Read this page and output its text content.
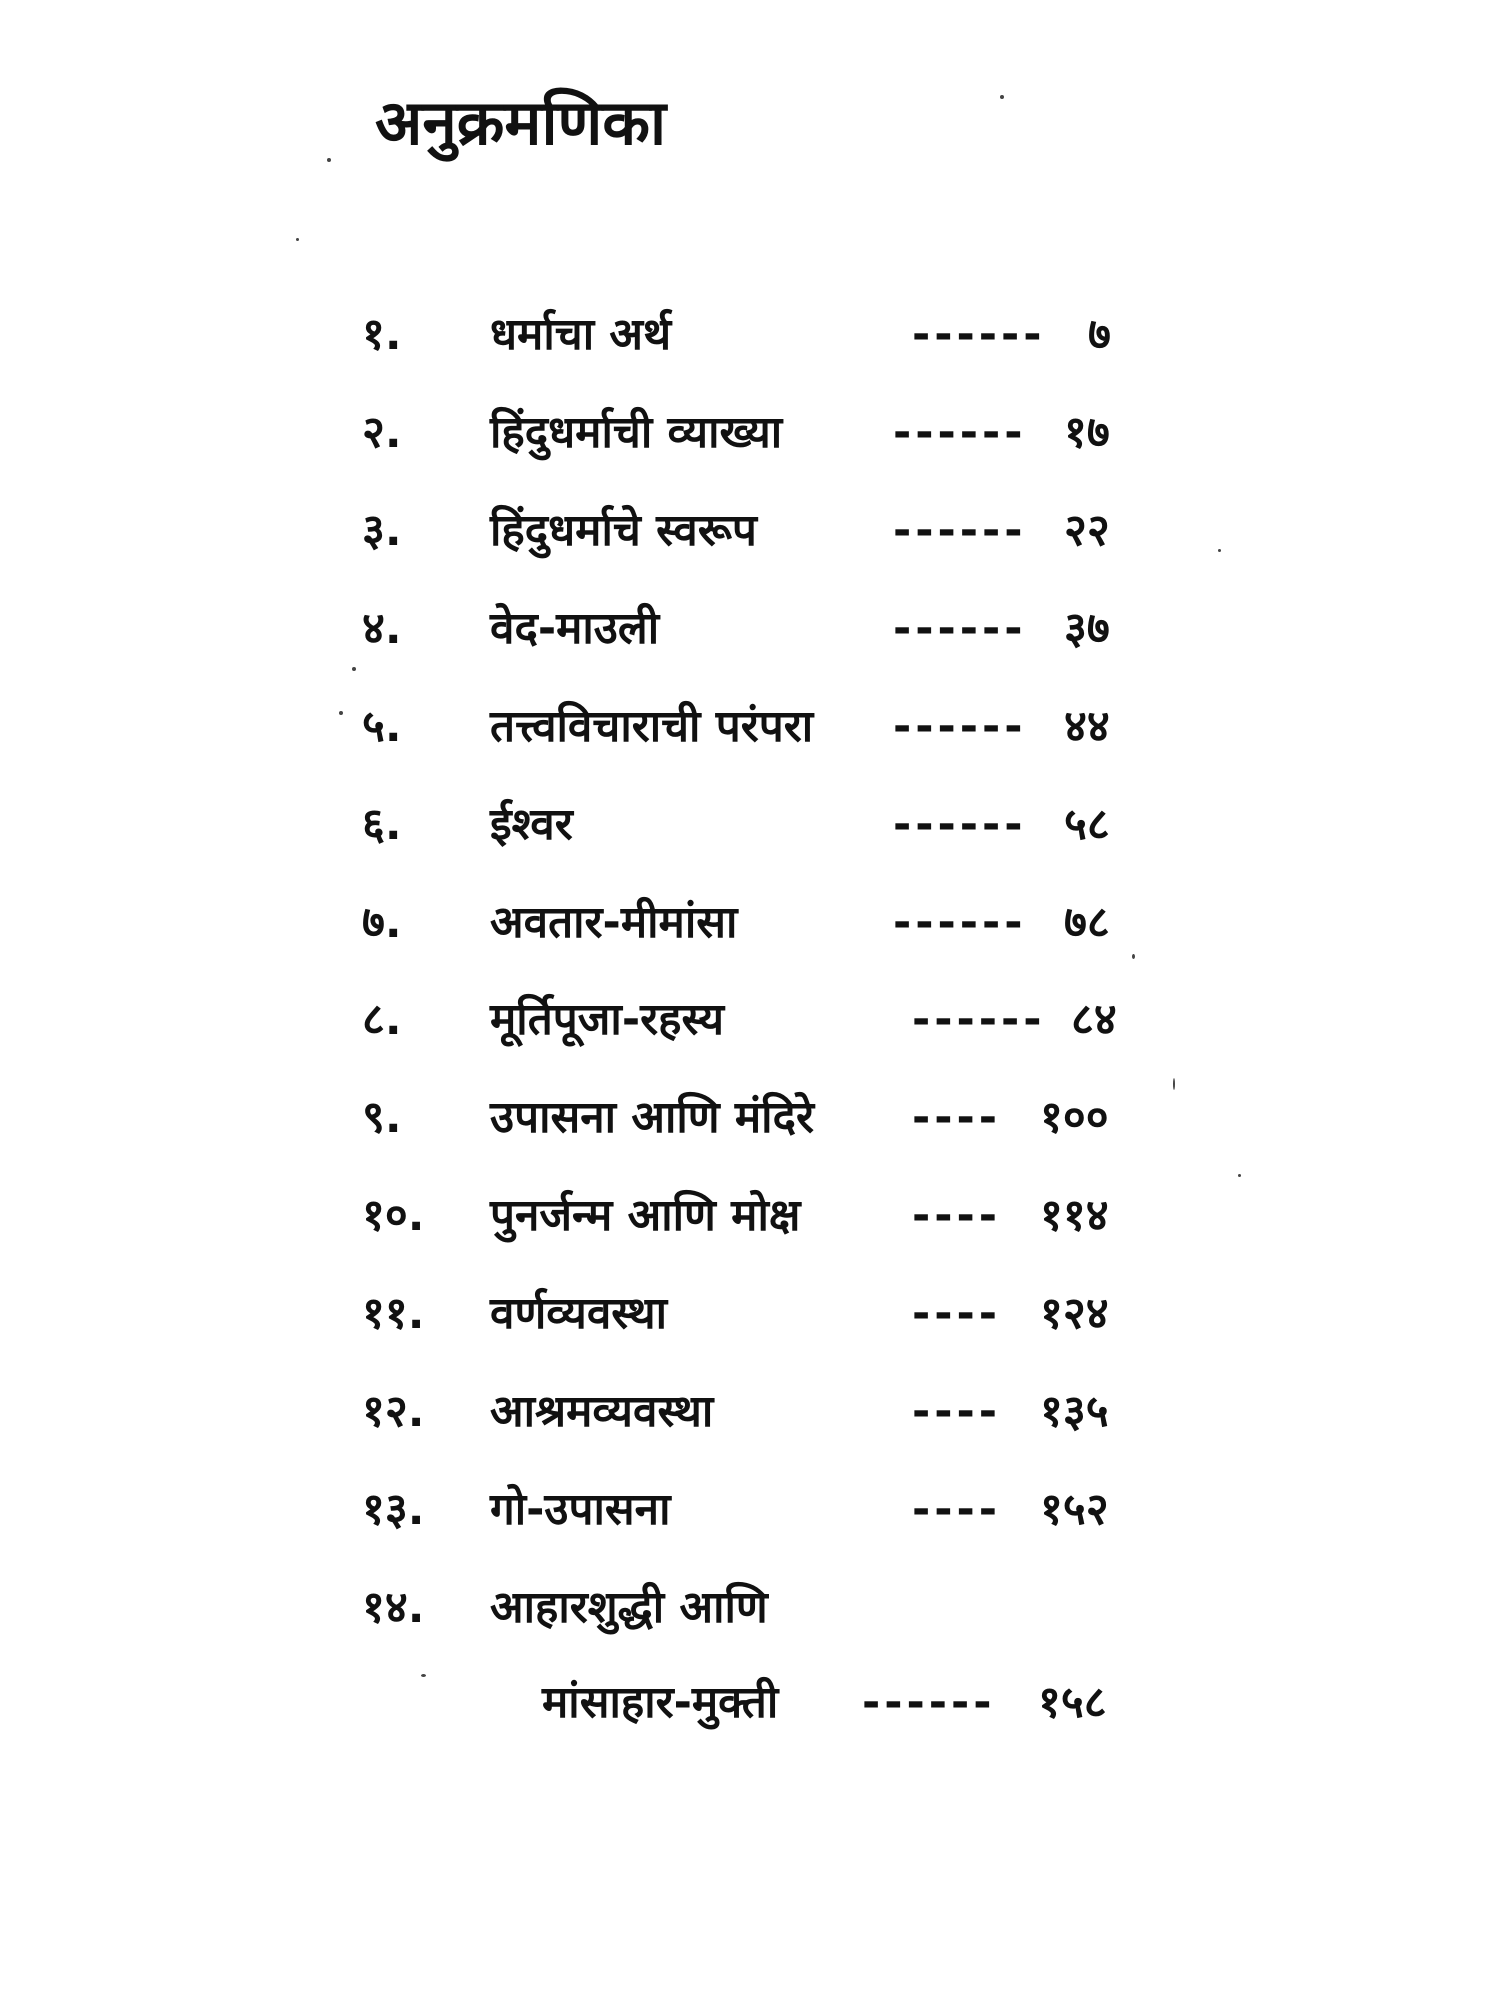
अनुक्रमणिका
१. धर्माचा अर्थ	------ ७
२. हिंदुधर्माची व्याख्या	------ १७
३. हिंदुधर्माचे स्वरूप	------ २२
४. वेद-माउली	------ ३७
५. तत्त्वविचाराची परंपरा ------ ४४
६. ईश्वर	------ ५८
७. अवतार-मीमांसा	------ ७८
८. मूर्तिपूजा-रहस्य	------ ८४
९. उपासना आणि मंदिरे ---- १००
१०. पुनर्जन्म आणि मोक्ष	---- ११४
११. वर्णव्यवस्था	---- १२४
१२. आश्रमव्यवस्था	---- १३५
१३. गो-उपासना	---- १५२
१४. आहारशुद्धी आणि
मांसाहार-मुक्ती ------ १५८
